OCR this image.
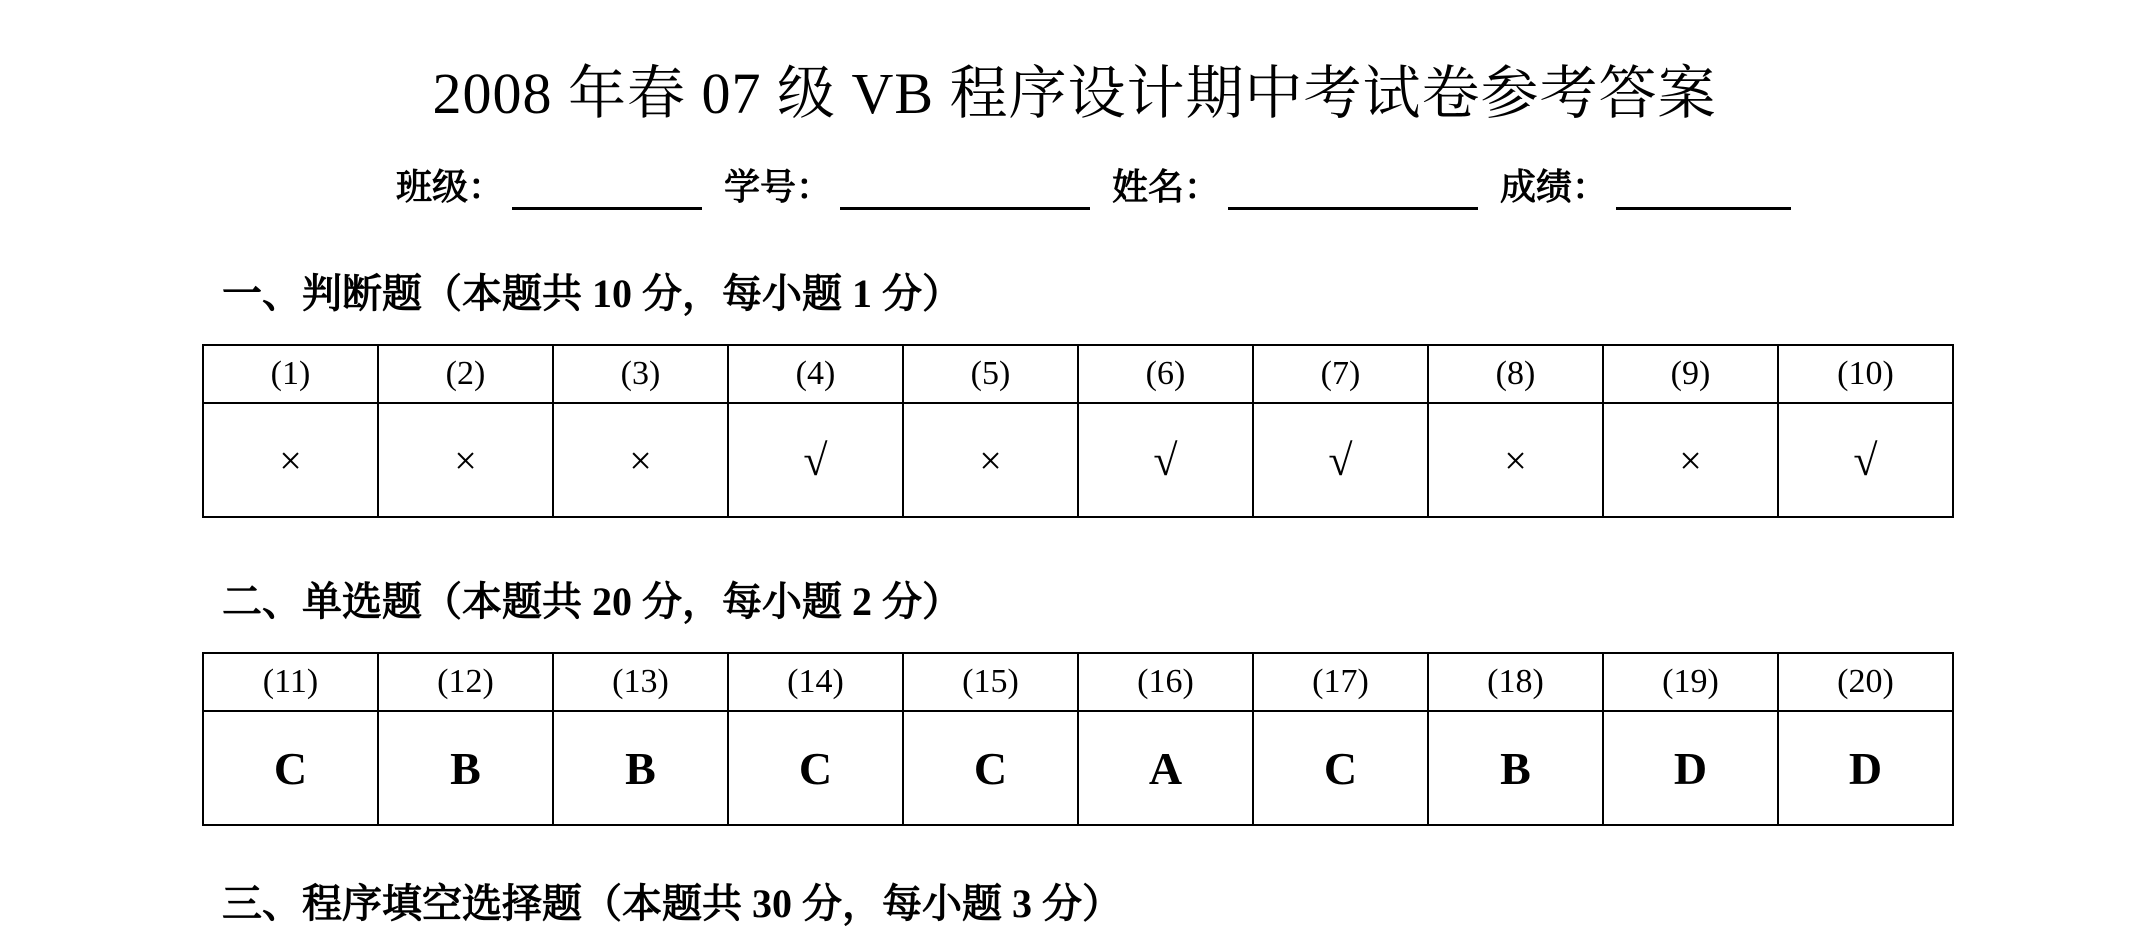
2008 年春 07 级 VB 程序设计期中考试卷参考答案
班级：	学号：	姓名：	成绩：
一、判断题（本题共 10 分，每小题 1 分）
(1)	(2)	(3)	(4)	(5)	(6)	(7)	(8)	(9)	(10)
×	×	×	√	×	√	√	×	×	√
二、单选题（本题共 20 分，每小题 2 分）
(11)	(12)	(13)	(14)	(15)	(16)	(17)	(18)	(19)	(20)
C	B	B	C	C	A	C	B	D	D
三、程序填空选择题（本题共 30 分，每小题 3 分）
